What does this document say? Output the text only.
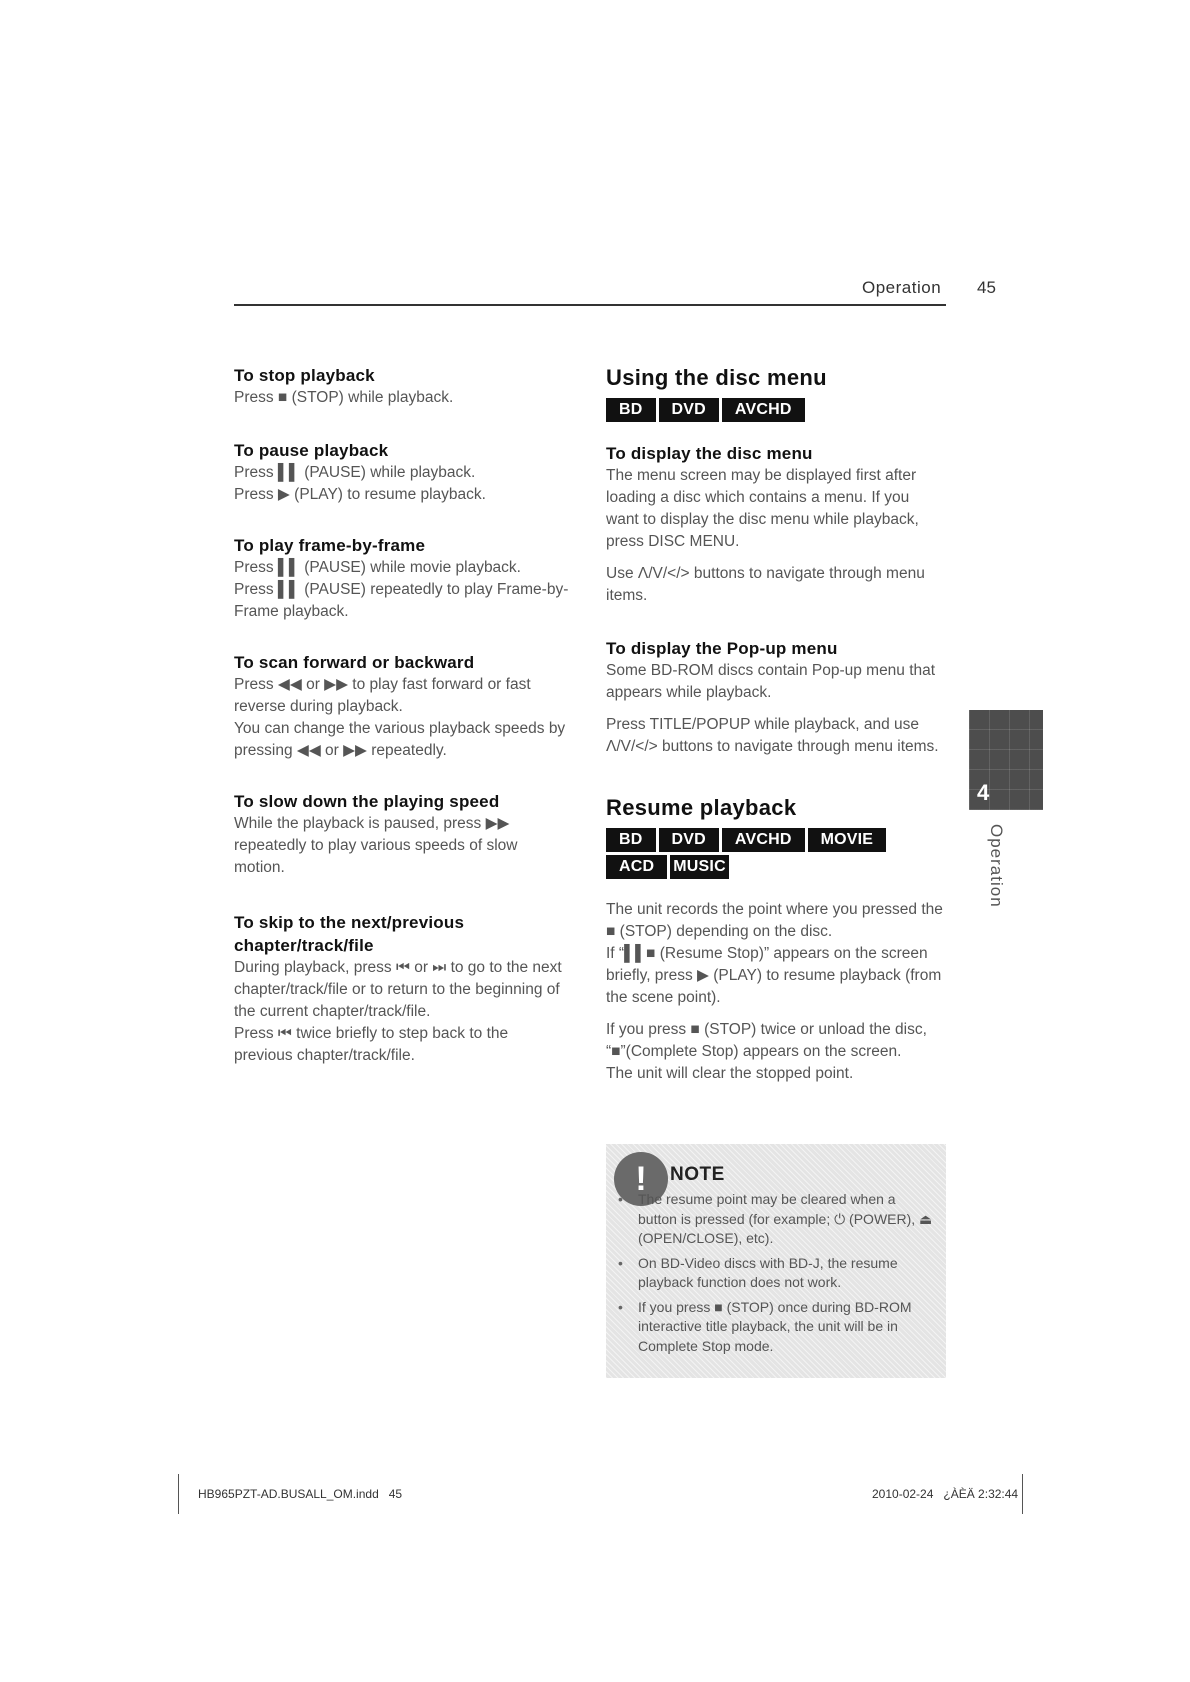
Operation 45
To stop playback

Press ■ (STOP) while playback.

To pause playback

Press ▌▌ (PAUSE) while playback.
Press ▶ (PLAY) to resume playback.

To play frame-by-frame

Press ▌▌ (PAUSE) while movie playback.
Press ▌▌ (PAUSE) repeatedly to play Frame-by-Frame playback.

To scan forward or backward

Press ◀◀ or ▶▶ to play fast forward or fast reverse during playback.
You can change the various playback speeds by pressing ◀◀ or ▶▶ repeatedly.

To slow down the playing speed

While the playback is paused, press ▶▶ repeatedly to play various speeds of slow motion.

To skip to the next/previous chapter/track/file

During playback, press ⏮ or ⏭ to go to the next chapter/track/file or to return to the beginning of the current chapter/track/file.
Press ⏮ twice briefly to step back to the previous chapter/track/file.

Using the disc menu
BD	DVD	AVCHD
To display the disc menu

The menu screen may be displayed first after loading a disc which contains a menu. If you want to display the disc menu while playback, press DISC MENU.

Use Λ/V/</> buttons to navigate through menu items.

To display the Pop-up menu

Some BD-ROM discs contain Pop-up menu that appears while playback.

Press TITLE/POPUP while playback, and use Λ/V/</> buttons to navigate through menu items.

Resume playback
BD	DVD	AVCHD	MOVIE
ACD	MUSIC

The unit records the point where you pressed the ■ (STOP) depending on the disc.
If “▌▌■ (Resume Stop)” appears on the screen briefly, press ▶ (PLAY) to resume playback (from the scene point).

If you press ■ (STOP) twice or unload the disc, “■”(Complete Stop) appears on the screen.
The unit will clear the stopped point.

!	NOTE
• The resume point may be cleared when a button is pressed (for example; ⏻ (POWER), ⏏ (OPEN/CLOSE), etc).
• On BD-Video discs with BD-J, the resume playback function does not work.
• If you press ■ (STOP) once during BD-ROM interactive title playback, the unit will be in Complete Stop mode.
4
Operation
HB965PZT-AD.BUSALL_OM.indd   45	2010-02-24   ¿ÀÈÄ 2:32:44
